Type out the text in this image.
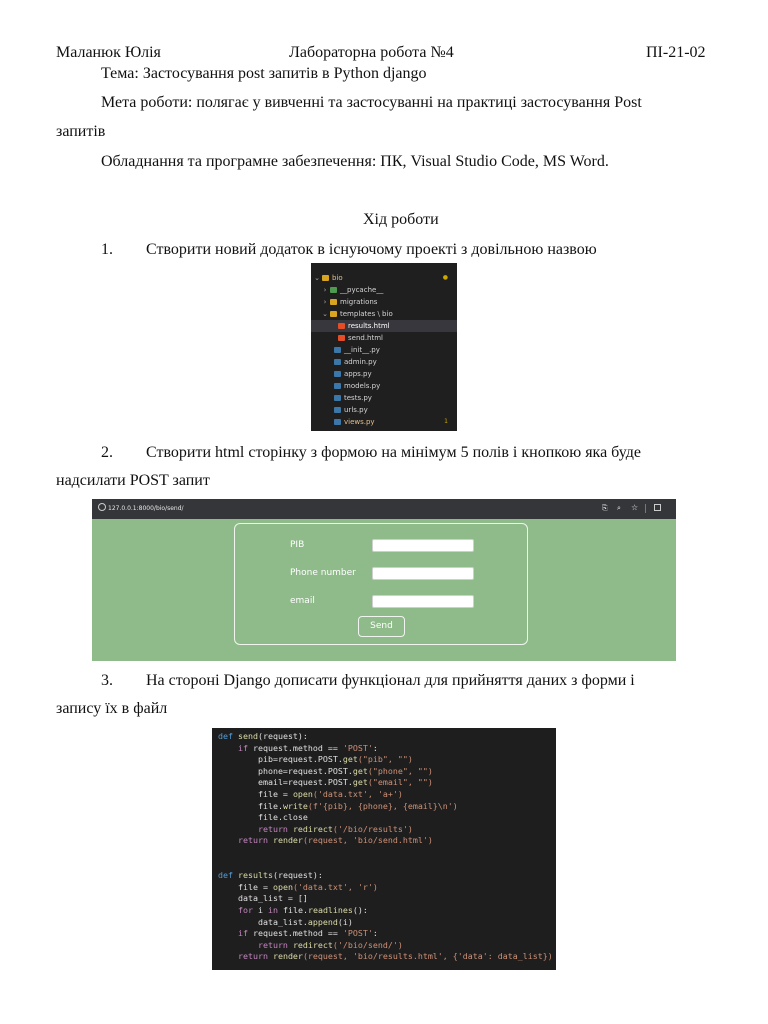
Маланюк Юлія	Лабораторна робота №4	ПІ-21-02
Тема: Застосування post запитів в Python django
Мета роботи: полягає у вивченні та застосуванні на практиці застосування Post
запитів
Обладнання та програмне забезпечення: ПК, Visual Studio Code, MS Word.
Хід роботи
1. Створити новий додаток в існуючому проекті з довільною назвою
⌄ bio	●
›	__pycache__
›	migrations
⌄ templates \ bio
results.html
send.html
__init__.py
admin.py
apps.py
models.py
tests.py
urls.py
views.py	1
2. Створити html сторінку з формою на мінімум 5 полів і кнопкою яка буде
надсилати POST запит
127.0.0.1:8000/bio/send/	⎘ ⌕ ☆
PIB
Phone number
email
Send
3. На стороні Django дописати функціонал для прийняття даних з форми і
запису їх в файл
def send(request):
if request.method == 'POST':
pib=request.POST.get("pib", "")
phone=request.POST.get("phone", "")
email=request.POST.get("email", "")
file = open('data.txt', 'a+')
file.write(f'{pib}, {phone}, {email}\n')
file.close
return redirect('/bio/results')
return render(request, 'bio/send.html')
def results(request):
file = open('data.txt', 'r')
data_list = []
for i in file.readlines():
data_list.append(i)
if request.method == 'POST':
return redirect('/bio/send/')
return render(request, 'bio/results.html', {'data': data_list})
